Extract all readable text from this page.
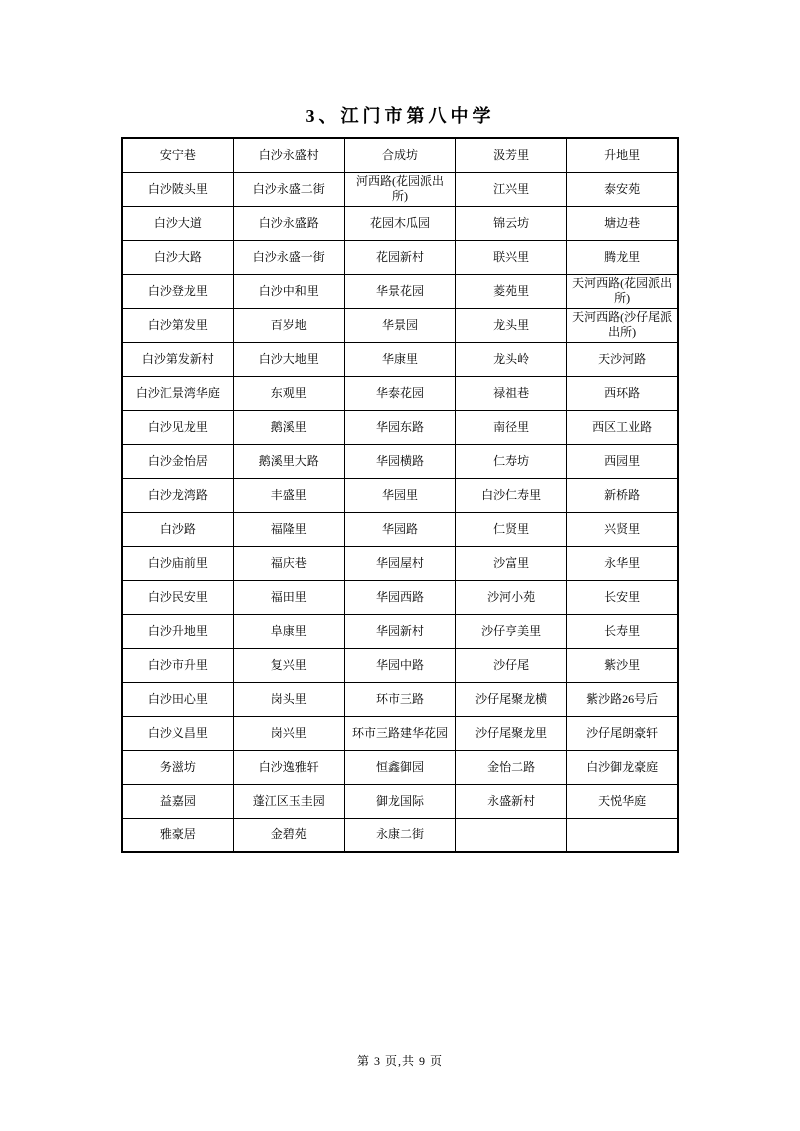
3、江门市第八中学
安宁巷	白沙永盛村	合成坊	汲芳里	升地里
白沙陂头里	白沙永盛二街	河西路(花园派出所)	江兴里	泰安苑
白沙大道	白沙永盛路	花园木瓜园	锦云坊	塘边巷
白沙大路	白沙永盛一街	花园新村	联兴里	腾龙里
白沙登龙里	白沙中和里	华景花园	菱苑里	天河西路(花园派出所)
白沙第发里	百岁地	华景园	龙头里	天河西路(沙仔尾派出所)
白沙第发新村	白沙大地里	华康里	龙头岭	天沙河路
白沙汇景湾华庭	东观里	华泰花园	禄祖巷	西环路
白沙见龙里	鹅溪里	华园东路	南径里	西区工业路
白沙金怡居	鹅溪里大路	华园横路	仁寿坊	西园里
白沙龙湾路	丰盛里	华园里	白沙仁寿里	新桥路
白沙路	福隆里	华园路	仁贤里	兴贤里
白沙庙前里	福庆巷	华园屋村	沙富里	永华里
白沙民安里	福田里	华园西路	沙河小苑	长安里
白沙升地里	阜康里	华园新村	沙仔亨美里	长寿里
白沙市升里	复兴里	华园中路	沙仔尾	紫沙里
白沙田心里	岗头里	环市三路	沙仔尾聚龙横	紫沙路26号后
白沙义昌里	岗兴里	环市三路建华花园	沙仔尾聚龙里	沙仔尾朗豪轩
务滋坊	白沙逸雅轩	恒鑫御园	金怡二路	白沙御龙豪庭
益嘉园	蓬江区玉圭园	御龙国际	永盛新村	天悦华庭
雅豪居	金碧苑	永康二街		
第 3 页,共 9 页
